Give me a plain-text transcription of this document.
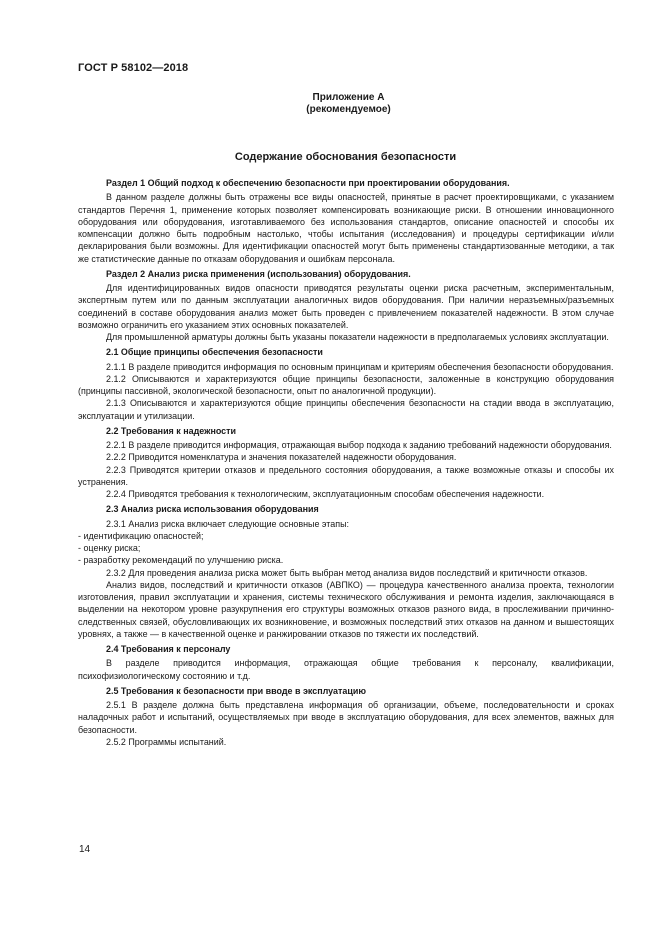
ГОСТ Р 58102—2018
Приложение А
(рекомендуемое)
Содержание обоснования безопасности

Раздел 1 Общий подход к обеспечению безопасности при проектировании оборудования.

В данном разделе должны быть отражены все виды опасностей, принятые в расчет проектировщиками, с указанием стандартов Перечня 1, применение которых позволяет компенсировать возникающие риски. В отношении инновационного оборудования или оборудования, изготавливаемого без использования стандартов, описание опасностей и способы их компенсации должно быть подробным настолько, чтобы испытания (исследования) и процедуры сертификации и/или декларирования были возможны. Для идентификации опасностей могут быть применены стандартизованные методики, а так же статистические данные по отказам оборудования и ошибкам персонала.

Раздел 2 Анализ риска применения (использования) оборудования.

Для идентифицированных видов опасности приводятся результаты оценки риска расчетным, экспериментальным, экспертным путем или по данным эксплуатации аналогичных видов оборудования. При наличии неразъемных/разъемных соединений в составе оборудования анализ может быть проведен с привлечением показателей надежности. В этом случае возможно ограничить его указанием этих основных показателей.

Для промышленной арматуры должны быть указаны показатели надежности в предполагаемых условиях эксплуатации.

2.1 Общие принципы обеспечения безопасности

2.1.1 В разделе приводится информация по основным принципам и критериям обеспечения безопасности оборудования.

2.1.2 Описываются и характеризуются общие принципы безопасности, заложенные в конструкцию оборудования (принципы пассивной, экологической безопасности, опыт по аналогичной продукции).

2.1.3 Описываются и характеризуются общие принципы обеспечения безопасности на стадии ввода в эксплуатацию, эксплуатации и утилизации.

2.2 Требования к надежности

2.2.1 В разделе приводится информация, отражающая выбор подхода к заданию требований надежности оборудования.

2.2.2 Приводится номенклатура и значения показателей надежности оборудования.

2.2.3 Приводятся критерии отказов и предельного состояния оборудования, а также возможные отказы и способы их устранения.

2.2.4 Приводятся требования к технологическим, эксплуатационным способам обеспечения надежности.

2.3 Анализ риска использования оборудования

2.3.1 Анализ риска включает следующие основные этапы:

- идентификацию опасностей;

- оценку риска;

- разработку рекомендаций по улучшению риска.

2.3.2 Для проведения анализа риска может быть выбран метод анализа видов последствий и критичности отказов.

Анализ видов, последствий и критичности отказов (АВПКО) — процедура качественного анализа проекта, технологии изготовления, правил эксплуатации и хранения, системы технического обслуживания и ремонта изделия, заключающаяся в выделении на некотором уровне разукрупнения его структуры возможных отказов разного вида, в прослеживании причинно-следственных связей, обусловливающих их возникновение, и возможных последствий этих отказов на данном и вышестоящих уровнях, а также — в качественной оценке и ранжировании отказов по тяжести их последствий.

2.4 Требования к персоналу

В разделе приводится информация, отражающая общие требования к персоналу, квалификации, психофизиологическому состоянию и т.д.

2.5 Требования к безопасности при вводе в эксплуатацию

2.5.1 В разделе должна быть представлена информация об организации, объеме, последовательности и сроках наладочных работ и испытаний, осуществляемых при вводе в эксплуатацию оборудования, для всех элементов, важных для безопасности.

2.5.2 Программы испытаний.

14
